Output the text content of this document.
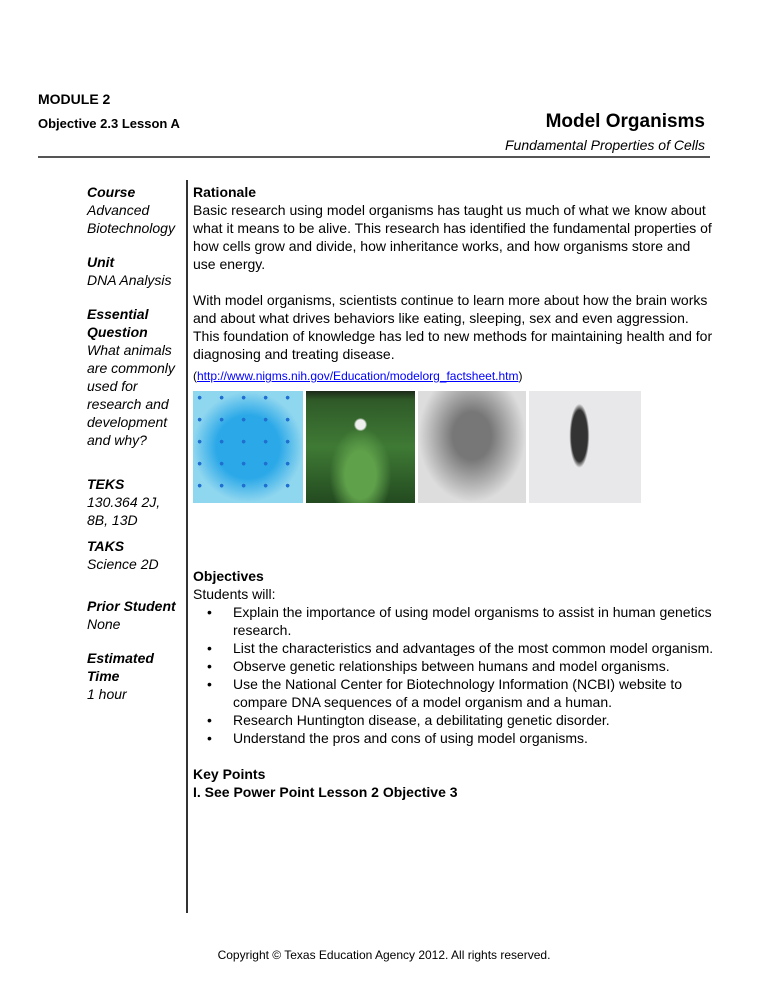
MODULE 2
Objective 2.3 Lesson A	Model Organisms
Fundamental Properties of Cells
Course
Advanced Biotechnology
Unit
DNA Analysis
Essential Question
What animals are commonly used for research and development and why?
TEKS
130.364 2J, 8B, 13D
TAKS
Science 2D
Prior Student
None
Estimated Time
1 hour
Rationale
Basic research using model organisms has taught us much of what we know about what it means to be alive. This research has identified the fundamental properties of how cells grow and divide, how inheritance works, and how organisms store and use energy.
With model organisms, scientists continue to learn more about how the brain works and about what drives behaviors like eating, sleeping, sex and even aggression. This foundation of knowledge has led to new methods for maintaining health and for diagnosing and treating disease.
(http://www.nigms.nih.gov/Education/modelorg_factsheet.htm)
Objectives
Students will:
• Explain the importance of using model organisms to assist in human genetics research.
• List the characteristics and advantages of the most common model organism.
• Observe genetic relationships between humans and model organisms.
• Use the National Center for Biotechnology Information (NCBI) website to compare DNA sequences of a model organism and a human.
• Research Huntington disease, a debilitating genetic disorder.
• Understand the pros and cons of using model organisms.
Key Points
I. See Power Point Lesson 2 Objective 3
Copyright © Texas Education Agency 2012. All rights reserved.
